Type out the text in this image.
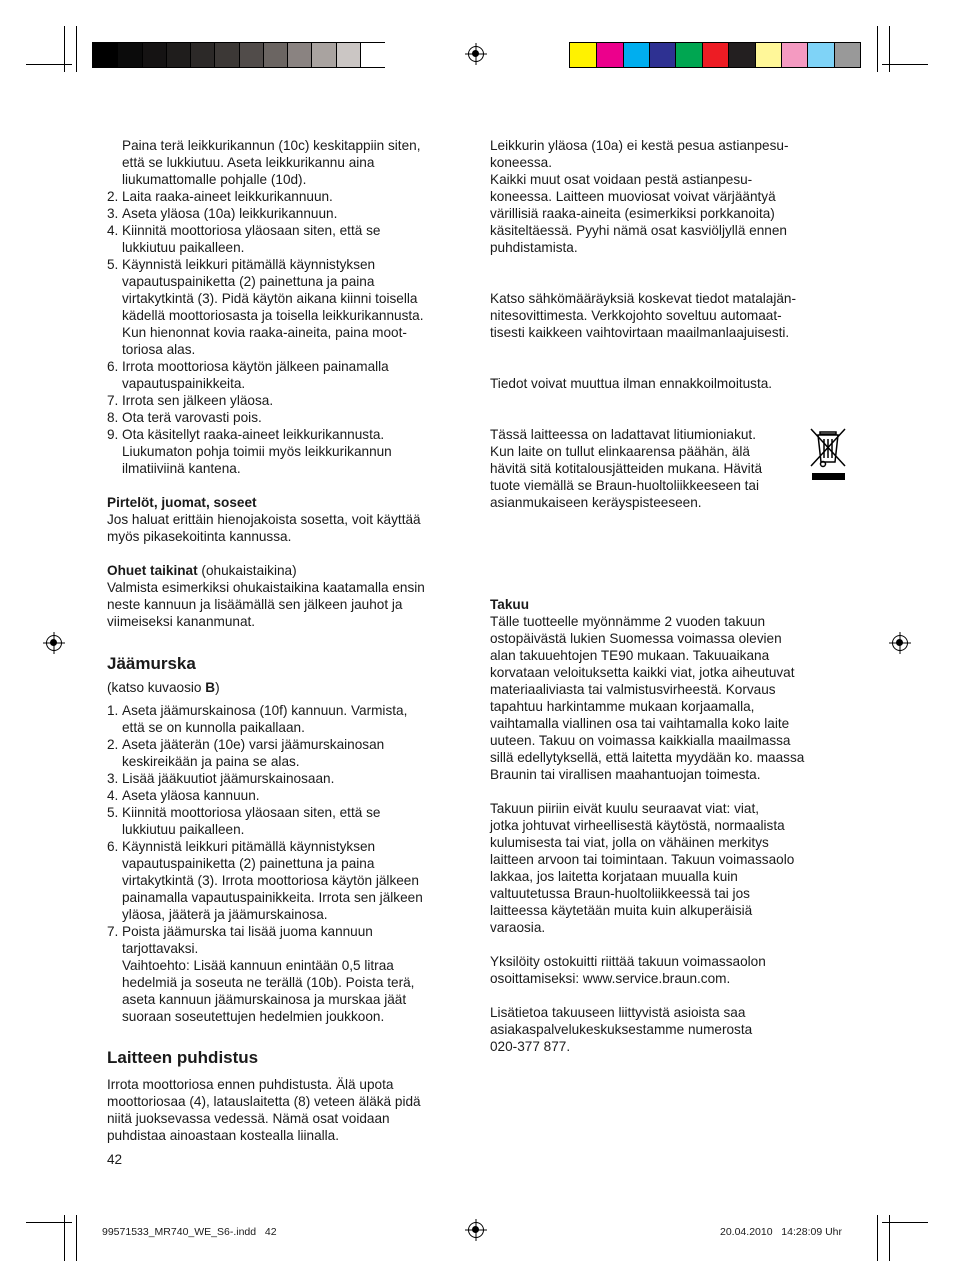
Paina terä leikkurikannun (10c) keskitappiin siten,
että se lukkiutuu. Aseta leikkurikannu aina
liukumattomalle pohjalle (10d).
2. Laita raaka-aineet leikkurikannuun.
3. Aseta yläosa (10a) leikkurikannuun.
4. Kiinnitä moottoriosa yläosaan siten, että se
lukkiutuu paikalleen.
5. Käynnistä leikkuri pitämällä käynnistyksen
vapautuspainiketta (2) painettuna ja paina
virtakytkintä (3). Pidä käytön aikana kiinni toisella
kädellä moottoriosasta ja toisella leikkurikannusta.
Kun hienonnat kovia raaka-aineita, paina moot-
toriosa alas.
6. Irrota moottoriosa käytön jälkeen painamalla
vapautuspainikkeita.
7. Irrota sen jälkeen yläosa.
8. Ota terä varovasti pois.
9. Ota käsitellyt raaka-aineet leikkurikannusta.
Liukumaton pohja toimii myös leikkurikannun
ilmatiiviinä kantena.
Pirtelöt, juomat, soseet
Jos haluat erittäin hienojakoista sosetta, voit käyttää
myös pikasekoitinta kannussa.
Ohuet taikinat (ohukaistaikina)
Valmista esimerkiksi ohukaistaikina kaatamalla ensin
neste kannuun ja lisäämällä sen jälkeen jauhot ja
viimeiseksi kananmunat.
Jäämurska
(katso kuvaosio B)
1. Aseta jäämurskainosa (10f) kannuun. Varmista,
että se on kunnolla paikallaan.
2. Aseta jääterän (10e) varsi jäämurskainosan
keskireikään ja paina se alas.
3. Lisää jääkuutiot jäämurskainosaan.
4. Aseta yläosa kannuun.
5. Kiinnitä moottoriosa yläosaan siten, että se
lukkiutuu paikalleen.
6. Käynnistä leikkuri pitämällä käynnistyksen
vapautuspainiketta (2) painettuna ja paina
virtakytkintä (3). Irrota moottoriosa käytön jälkeen
painamalla vapautuspainikkeita. Irrota sen jälkeen
yläosa, jääterä ja jäämurskainosa.
7. Poista jäämurska tai lisää juoma kannuun
tarjottavaksi.
Vaihtoehto: Lisää kannuun enintään 0,5 litraa
hedelmiä ja soseuta ne terällä (10b). Poista terä,
aseta kannuun jäämurskainosa ja murskaa jäät
suoraan soseutettujen hedelmien joukkoon.
Laitteen puhdistus
Irrota moottoriosa ennen puhdistusta. Älä upota
moottoriosaa (4), latauslaitetta (8) veteen äläkä pidä
niitä juoksevassa vedessä. Nämä osat voidaan
puhdistaa ainoastaan kostealla liinalla.
42
Leikkurin yläosa (10a) ei kestä pesua astianpesu-
koneessa.
Kaikki muut osat voidaan pestä astianpesu-
koneessa. Laitteen muoviosat voivat värjääntyä
värillisiä raaka-aineita (esimerkiksi porkkanoita)
käsiteltäessä. Pyyhi nämä osat kasviöljyllä ennen
puhdistamista.
Katso sähkömääräyksiä koskevat tiedot matalajän-
nitesovittimesta. Verkkojohto soveltuu automaat-
tisesti kaikkeen vaihtovirtaan maailmanlaajuisesti.
Tiedot voivat muuttua ilman ennakkoilmoitusta.
Tässä laitteessa on ladattavat litiumioniakut.
Kun laite on tullut elinkaarensa päähän, älä
hävitä sitä kotitalousjätteiden mukana. Hävitä
tuote viemällä se Braun-huoltoliikkeeseen tai
asianmukaiseen keräyspisteeseen.
Takuu
Tälle tuotteelle myönnämme 2 vuoden takuun
ostopäivästä lukien Suomessa voimassa olevien
alan takuuehtojen TE90 mukaan. Takuuaikana
korvataan veloituksetta kaikki viat, jotka aiheutuvat
materiaaliviasta tai valmistusvirheestä. Korvaus
tapahtuu harkintamme mukaan korjaamalla,
vaihtamalla viallinen osa tai vaihtamalla koko laite
uuteen. Takuu on voimassa kaikkialla maailmassa
sillä edellytyksellä, että laitetta myydään ko. maassa
Braunin tai virallisen maahantuojan toimesta.
Takuun piiriin eivät kuulu seuraavat viat: viat,
jotka johtuvat virheellisestä käytöstä, normaalista
kulumisesta tai viat, jolla on vähäinen merkitys
laitteen arvoon tai toimintaan. Takuun voimassaolo
lakkaa, jos laitetta korjataan muualla kuin
valtuutetussa Braun-huoltoliikkeessä tai jos
laitteessa käytetään muita kuin alkuperäisiä
varaosia.
Yksilöity ostokuitti riittää takuun voimassaolon
osoittamiseksi: www.service.braun.com.
Lisätietoa takuuseen liittyvistä asioista saa
asiakaspalvelukeskuksestamme numerosta
020-377 877.
99571533_MR740_WE_S6-.indd   42	20.04.2010   14:28:09 Uhr
